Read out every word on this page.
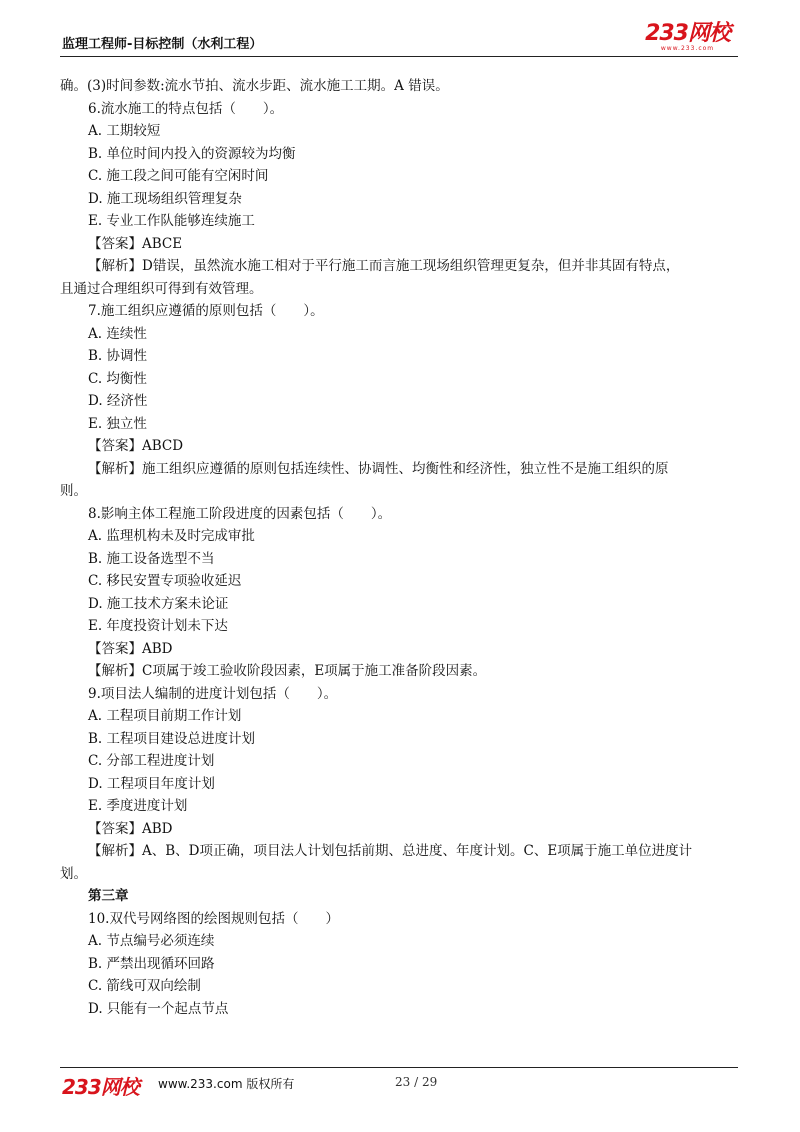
监理工程师-目标控制（水利工程）	233网校
www.233.com
确。(3)时间参数:流水节拍、流水步距、流水施工工期。A 错误。
6.流水施工的特点包括（　　）。
A. 工期较短
B. 单位时间内投入的资源较为均衡
C. 施工段之间可能有空闲时间
D. 施工现场组织管理复杂
E. 专业工作队能够连续施工
【答案】ABCE
【解析】D错误，虽然流水施工相对于平行施工而言施工现场组织管理更复杂，但并非其固有特点，
且通过合理组织可得到有效管理。
7.施工组织应遵循的原则包括（　　）。
A. 连续性
B. 协调性
C. 均衡性
D. 经济性
E. 独立性
【答案】ABCD
【解析】施工组织应遵循的原则包括连续性、协调性、均衡性和经济性，独立性不是施工组织的原
则。
8.影响主体工程施工阶段进度的因素包括（　　）。
A. 监理机构未及时完成审批
B. 施工设备选型不当
C. 移民安置专项验收延迟
D. 施工技术方案未论证
E. 年度投资计划未下达
【答案】ABD
【解析】C项属于竣工验收阶段因素，E项属于施工准备阶段因素。
9.项目法人编制的进度计划包括（　　）。
A. 工程项目前期工作计划
B. 工程项目建设总进度计划
C. 分部工程进度计划
D. 工程项目年度计划
E. 季度进度计划
【答案】ABD
【解析】A、B、D项正确，项目法人计划包括前期、总进度、年度计划。C、E项属于施工单位进度计
划。
第三章
10.双代号网络图的绘图规则包括（　　）
A. 节点编号必须连续
B. 严禁出现循环回路
C. 箭线可双向绘制
D. 只能有一个起点节点
233网校 www.233.com 版权所有	23 / 29
